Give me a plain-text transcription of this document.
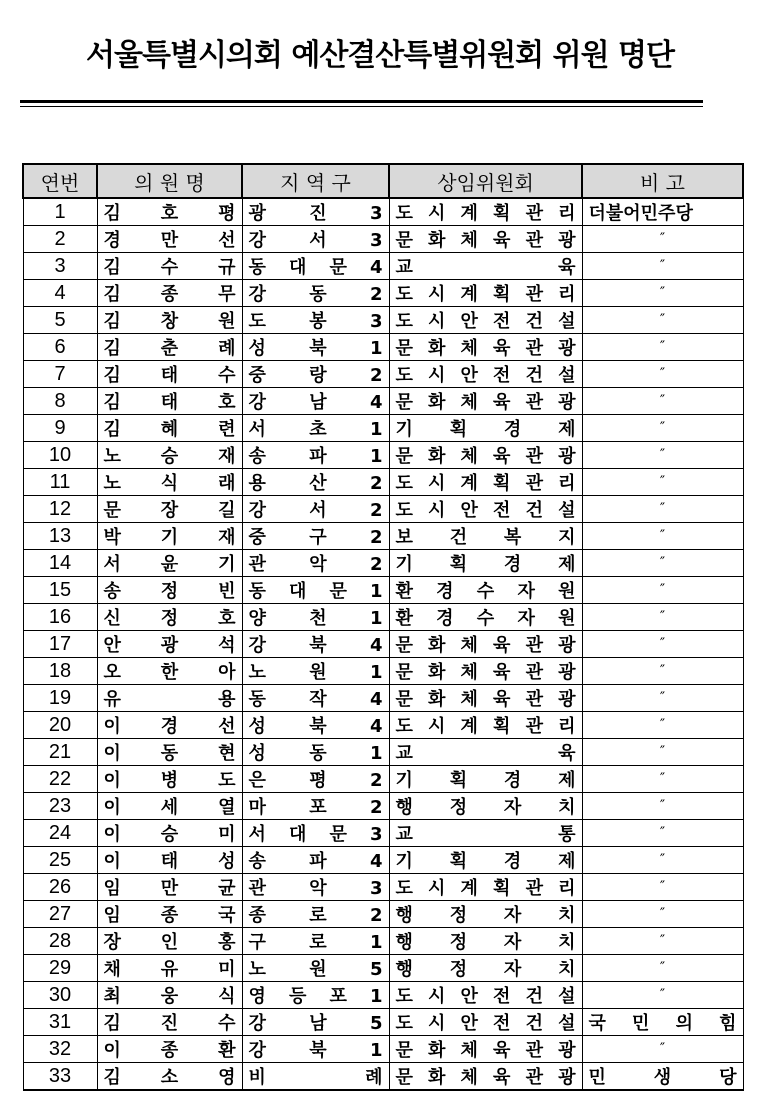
서울특별시의회 예산결산특별위원회 위원 명단
연번	의 원 명	지 역 구	상임위원회	비 고
1	김 호 평	광 진 3	도 시 계 획 관 리	더불어민주당
2	경 만 선	강 서 3	문 화 체 육 관 광	″
3	김 수 규	동 대 문 4	교 육	″
4	김 종 무	강 동 2	도 시 계 획 관 리	″
5	김 창 원	도 봉 3	도 시 안 전 건 설	″
6	김 춘 례	성 북 1	문 화 체 육 관 광	″
7	김 태 수	중 랑 2	도 시 안 전 건 설	″
8	김 태 호	강 남 4	문 화 체 육 관 광	″
9	김 혜 련	서 초 1	기 획 경 제	″
10	노 승 재	송 파 1	문 화 체 육 관 광	″
11	노 식 래	용 산 2	도 시 계 획 관 리	″
12	문 장 길	강 서 2	도 시 안 전 건 설	″
13	박 기 재	중 구 2	보 건 복 지	″
14	서 윤 기	관 악 2	기 획 경 제	″
15	송 정 빈	동 대 문 1	환 경 수 자 원	″
16	신 정 호	양 천 1	환 경 수 자 원	″
17	안 광 석	강 북 4	문 화 체 육 관 광	″
18	오 한 아	노 원 1	문 화 체 육 관 광	″
19	유 용	동 작 4	문 화 체 육 관 광	″
20	이 경 선	성 북 4	도 시 계 획 관 리	″
21	이 동 현	성 동 1	교 육	″
22	이 병 도	은 평 2	기 획 경 제	″
23	이 세 열	마 포 2	행 정 자 치	″
24	이 승 미	서 대 문 3	교 통	″
25	이 태 성	송 파 4	기 획 경 제	″
26	임 만 균	관 악 3	도 시 계 획 관 리	″
27	임 종 국	종 로 2	행 정 자 치	″
28	장 인 홍	구 로 1	행 정 자 치	″
29	채 유 미	노 원 5	행 정 자 치	″
30	최 웅 식	영 등 포 1	도 시 안 전 건 설	″
31	김 진 수	강 남 5	도 시 안 전 건 설	국 민 의 힘
32	이 종 환	강 북 1	문 화 체 육 관 광	″
33	김 소 영	비 례	문 화 체 육 관 광	민 생 당
